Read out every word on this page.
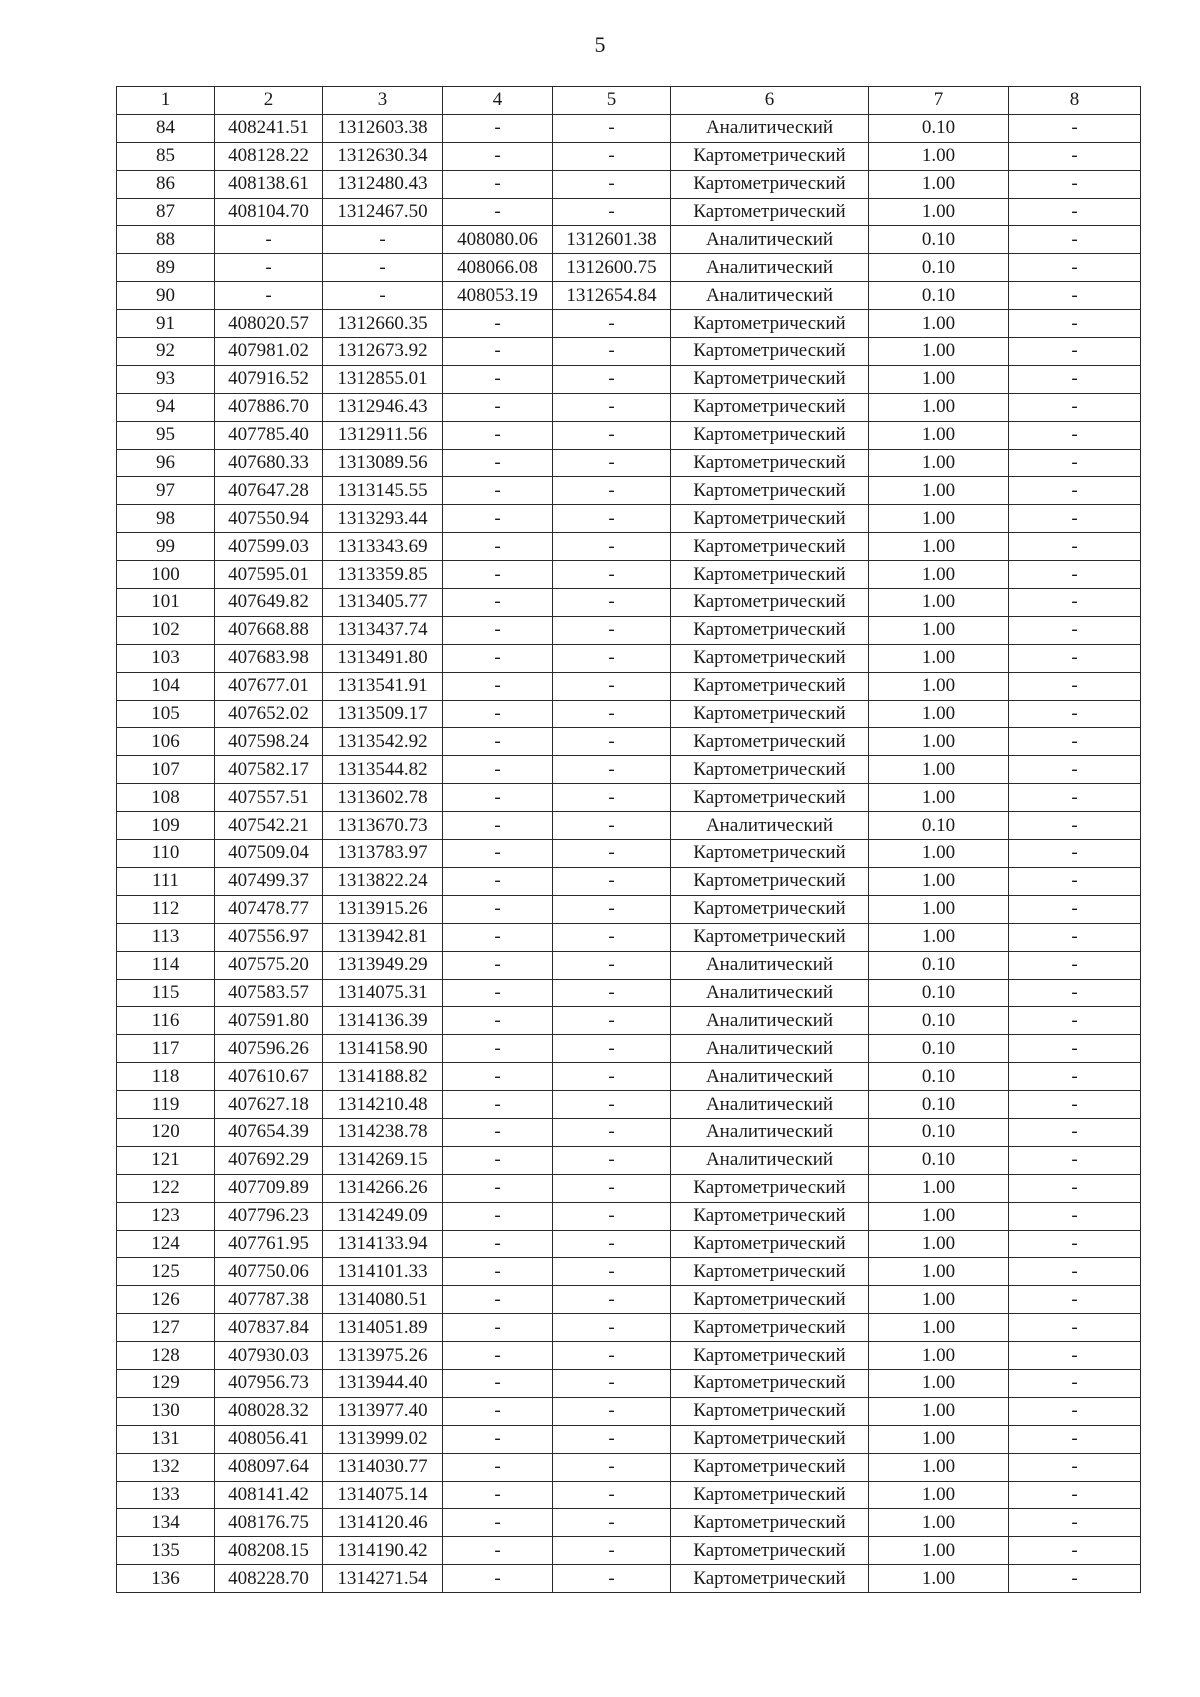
5
1	2	3	4	5	6	7	8
84	408241.51	1312603.38	-	-	Аналитический	0.10	-
85	408128.22	1312630.34	-	-	Картометрический	1.00	-
86	408138.61	1312480.43	-	-	Картометрический	1.00	-
87	408104.70	1312467.50	-	-	Картометрический	1.00	-
88	-	-	408080.06	1312601.38	Аналитический	0.10	-
89	-	-	408066.08	1312600.75	Аналитический	0.10	-
90	-	-	408053.19	1312654.84	Аналитический	0.10	-
91	408020.57	1312660.35	-	-	Картометрический	1.00	-
92	407981.02	1312673.92	-	-	Картометрический	1.00	-
93	407916.52	1312855.01	-	-	Картометрический	1.00	-
94	407886.70	1312946.43	-	-	Картометрический	1.00	-
95	407785.40	1312911.56	-	-	Картометрический	1.00	-
96	407680.33	1313089.56	-	-	Картометрический	1.00	-
97	407647.28	1313145.55	-	-	Картометрический	1.00	-
98	407550.94	1313293.44	-	-	Картометрический	1.00	-
99	407599.03	1313343.69	-	-	Картометрический	1.00	-
100	407595.01	1313359.85	-	-	Картометрический	1.00	-
101	407649.82	1313405.77	-	-	Картометрический	1.00	-
102	407668.88	1313437.74	-	-	Картометрический	1.00	-
103	407683.98	1313491.80	-	-	Картометрический	1.00	-
104	407677.01	1313541.91	-	-	Картометрический	1.00	-
105	407652.02	1313509.17	-	-	Картометрический	1.00	-
106	407598.24	1313542.92	-	-	Картометрический	1.00	-
107	407582.17	1313544.82	-	-	Картометрический	1.00	-
108	407557.51	1313602.78	-	-	Картометрический	1.00	-
109	407542.21	1313670.73	-	-	Аналитический	0.10	-
110	407509.04	1313783.97	-	-	Картометрический	1.00	-
111	407499.37	1313822.24	-	-	Картометрический	1.00	-
112	407478.77	1313915.26	-	-	Картометрический	1.00	-
113	407556.97	1313942.81	-	-	Картометрический	1.00	-
114	407575.20	1313949.29	-	-	Аналитический	0.10	-
115	407583.57	1314075.31	-	-	Аналитический	0.10	-
116	407591.80	1314136.39	-	-	Аналитический	0.10	-
117	407596.26	1314158.90	-	-	Аналитический	0.10	-
118	407610.67	1314188.82	-	-	Аналитический	0.10	-
119	407627.18	1314210.48	-	-	Аналитический	0.10	-
120	407654.39	1314238.78	-	-	Аналитический	0.10	-
121	407692.29	1314269.15	-	-	Аналитический	0.10	-
122	407709.89	1314266.26	-	-	Картометрический	1.00	-
123	407796.23	1314249.09	-	-	Картометрический	1.00	-
124	407761.95	1314133.94	-	-	Картометрический	1.00	-
125	407750.06	1314101.33	-	-	Картометрический	1.00	-
126	407787.38	1314080.51	-	-	Картометрический	1.00	-
127	407837.84	1314051.89	-	-	Картометрический	1.00	-
128	407930.03	1313975.26	-	-	Картометрический	1.00	-
129	407956.73	1313944.40	-	-	Картометрический	1.00	-
130	408028.32	1313977.40	-	-	Картометрический	1.00	-
131	408056.41	1313999.02	-	-	Картометрический	1.00	-
132	408097.64	1314030.77	-	-	Картометрический	1.00	-
133	408141.42	1314075.14	-	-	Картометрический	1.00	-
134	408176.75	1314120.46	-	-	Картометрический	1.00	-
135	408208.15	1314190.42	-	-	Картометрический	1.00	-
136	408228.70	1314271.54	-	-	Картометрический	1.00	-
